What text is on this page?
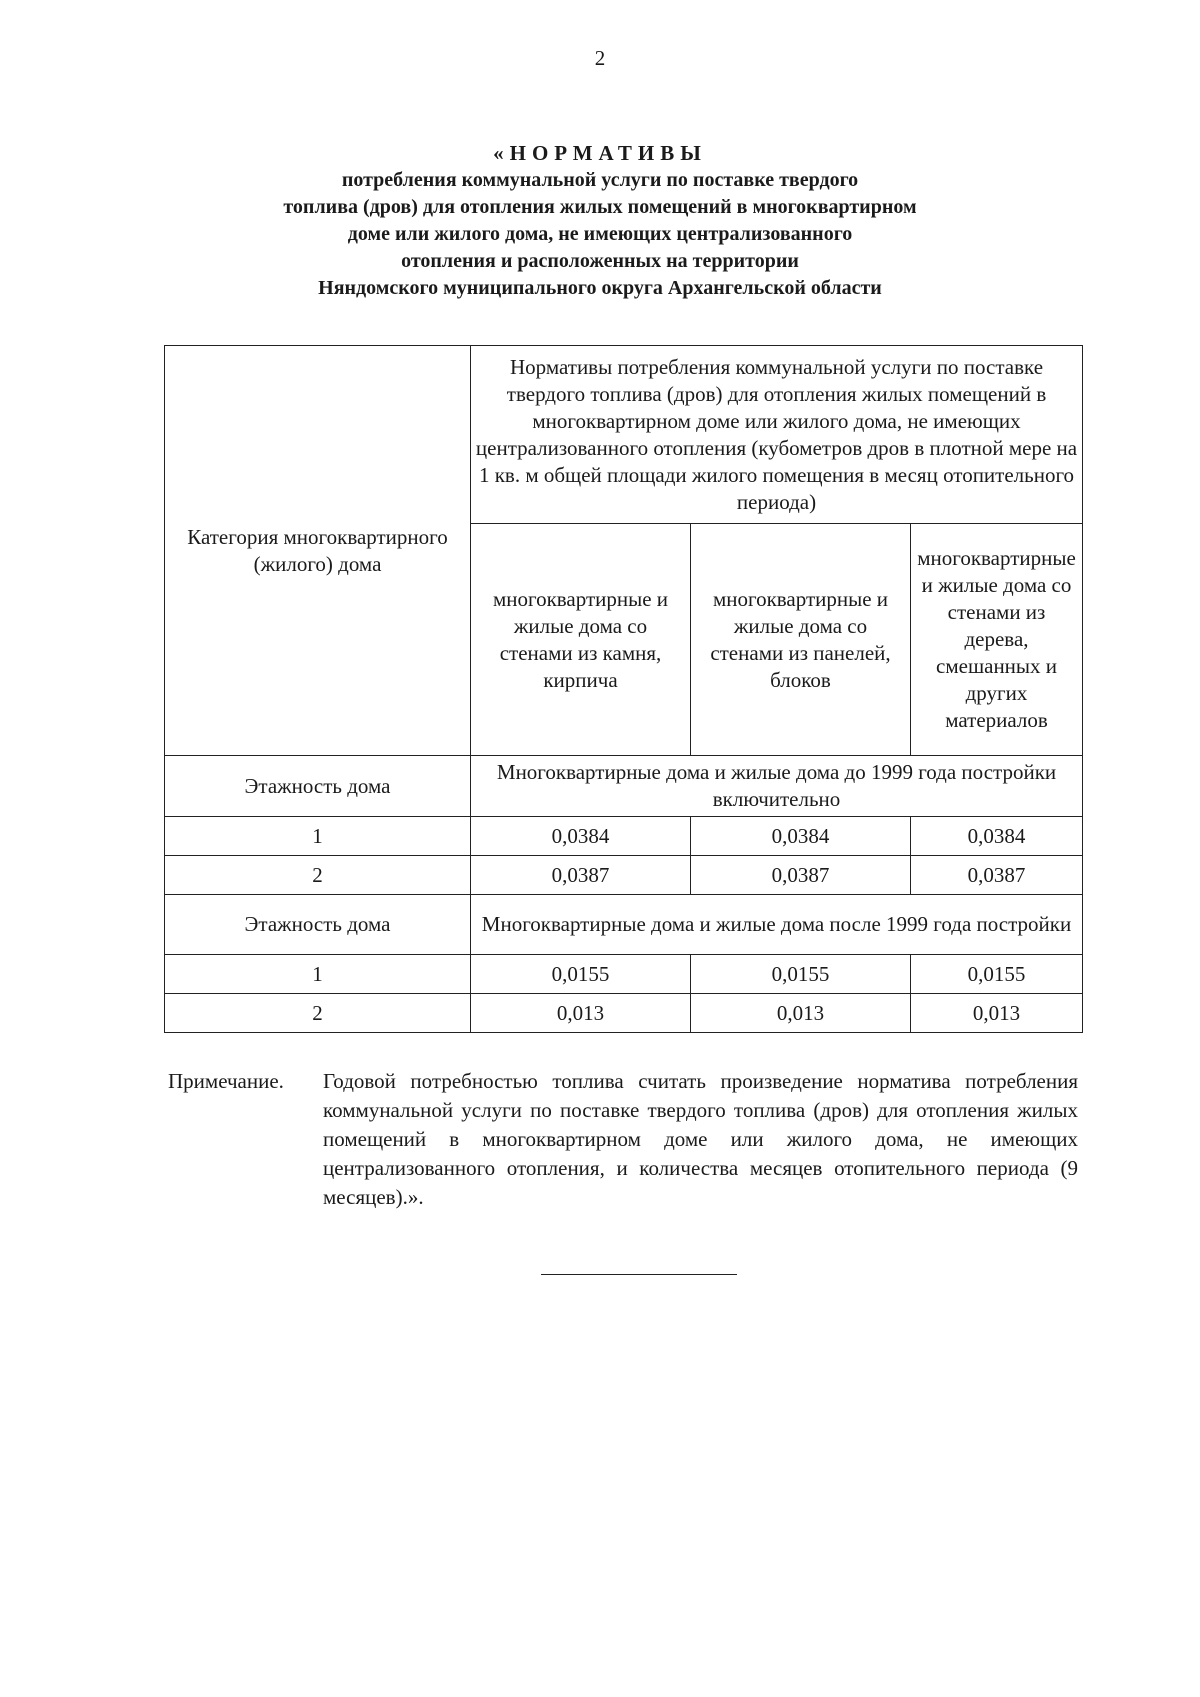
2
«НОРМАТИВЫ
потребления коммунальной услуги по поставке твердого
топлива (дров) для отопления жилых помещений в многоквартирном
доме или жилого дома, не имеющих централизованного
отопления и расположенных на территории
Няндомского муниципального округа Архангельской области
Категория многоквартирного (жилого) дома	Нормативы потребления коммунальной услуги по поставке твердого топлива (дров) для отопления жилых помещений в многоквартирном доме или жилого дома, не имеющих централизованного отопления (кубометров дров в плотной мере на 1 кв. м общей площади жилого помещения в месяц отопительного периода)		
	многоквартирные и жилые дома со стенами из камня, кирпича	многоквартирные и жилые дома со стенами из панелей, блоков	многоквартирные и жилые дома со стенами из дерева, смешанных и других материалов
Этажность дома	Многоквартирные дома и жилые дома до 1999 года постройки включительно		
1	0,0384	0,0384	0,0384
2	0,0387	0,0387	0,0387
Этажность дома	Многоквартирные дома и жилые дома после 1999 года постройки		
1	0,0155	0,0155	0,0155
2	0,013	0,013	0,013
Примечание. Годовой потребностью топлива считать произведение норматива потребления коммунальной услуги по поставке твердого топлива (дров) для отопления жилых помещений в многоквартирном доме или жилого дома, не имеющих централизованного отопления, и количества месяцев отопительного периода (9 месяцев).».
